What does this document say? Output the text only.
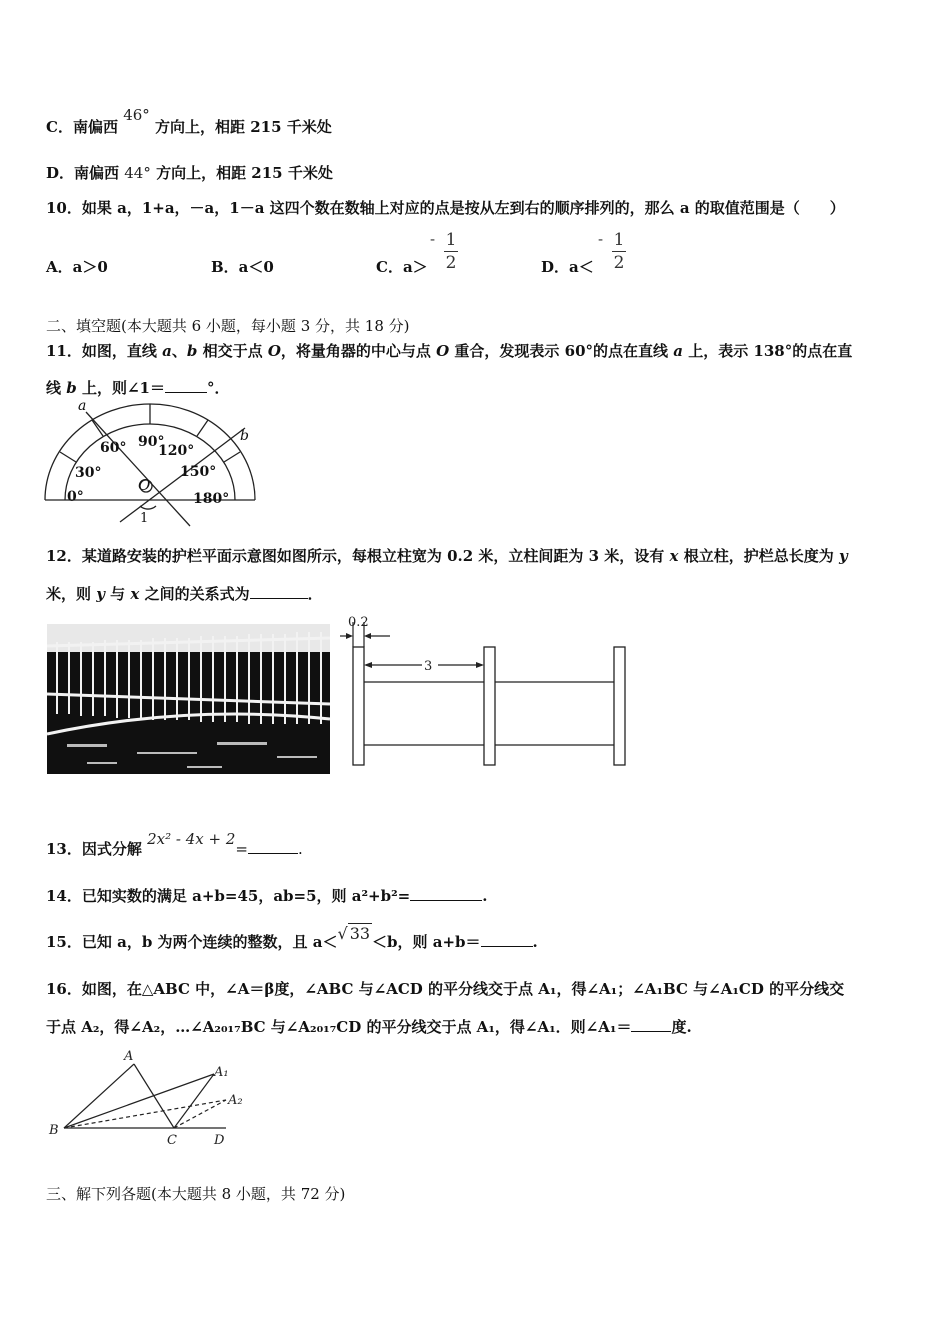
C．南偏西 46° 方向上，相距 215 千米处
D．南偏西 44° 方向上，相距 215 千米处
10．如果 a，1+a，－a，1－a 这四个数在数轴上对应的点是按从左到右的顺序排列的，那么 a 的取值范围是（　　）
A．a＞0	B．a＜0	C．a＞
- 1
2	D．a＜
- 1
2
二、填空题(本大题共 6 小题，每小题 3 分，共 18 分)
11．如图，直线 a、b 相交于点 O，将量角器的中心与点 O 重合，发现表示 60°的点在直线 a 上，表示 138°的点在直
线 b 上，则∠1＝	°．
a
b
O
1
0°
30°
60° 90°
120°
150°
180°
12．某道路安装的护栏平面示意图如图所示，每根立柱宽为 0.2 米，立柱间距为 3 米，设有 x 根立柱，护栏总长度为 y
米，则 y 与 x 之间的关系式为	．
0.2
3
13．因式分解 2x² - 4x + 2=	.
14．已知实数的满足 a+b=45，ab=5，则 a²+b²=	.
15．已知 a，b 为两个连续的整数，且 a＜√ 33 ＜b，则 a+b＝	.
16．如图，在△ABC 中，∠A＝β度，∠ABC 与∠ACD 的平分线交于点 A₁，得∠A₁；∠A₁BC 与∠A₁CD 的平分线交
于点 A₂，得∠A₂，…∠A₂₀₁₇BC 与∠A₂₀₁₇CD 的平分线交于点 A₁，得∠A₁．则∠A₁＝	度.
A
A₁
A₂
B
C	D
三、解下列各题(本大题共 8 小题，共 72 分)
